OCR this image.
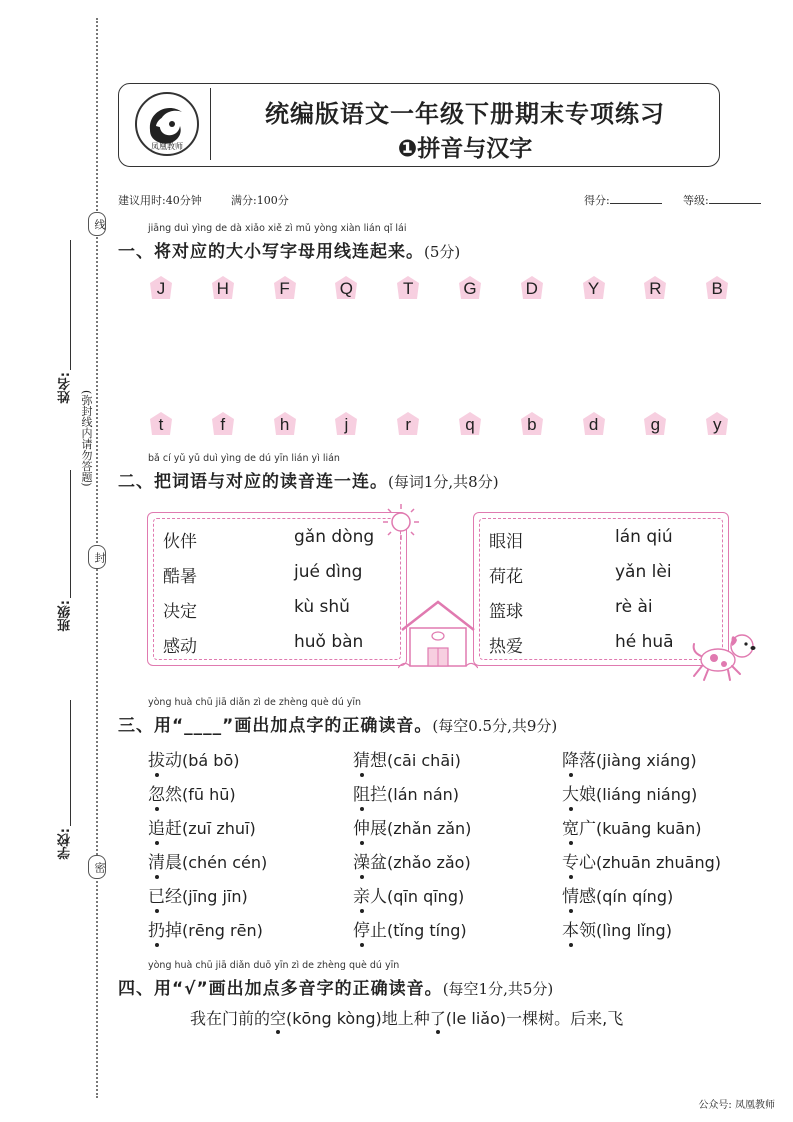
线
封
密
(弥封线内请勿答题)
姓名:
班级:
学校:
凤凰教师
统编版语文一年级下册期末专项练习
❶拼音与汉字
建议用时:40分钟	满分:100分	得分:	等级:
jiāng duì yìng de dà xiǎo xiě zì mǔ yòng xiàn lián qǐ lái
一、将对应的大小写字母用线连起来。(5分)
J	H	F	Q	T	G	D	Y	R	B
t	f	h	j	r	q	b	d	g	y
bǎ cí yǔ yǔ duì yìng de dú yīn lián yì lián
二、把词语与对应的读音连一连。(每词1分,共8分)
伙伴
酷暑
决定
感动
gǎn dòng
jué dìng
kù shǔ
huǒ bàn
眼泪
荷花
篮球
热爱
lán qiú
yǎn lèi
rè ài
hé huā
yòng huà chū jiā diǎn zì de zhèng què dú yīn
三、用“____”画出加点字的正确读音。(每空0.5分,共9分)
拔动(bá bō)	猜想(cāi chāi)	降落(jiàng xiáng)
忽然(fū hū)	阻拦(lán nán)	大娘(liáng niáng)
追赶(zuī zhuī)	伸展(zhǎn zǎn)	宽广(kuāng kuān)
清晨(chén cén)	澡盆(zhǎo zǎo)	专心(zhuān zhuāng)
已经(jīng jīn)	亲人(qīn qīng)	情感(qín qíng)
扔掉(rēng rēn)	停止(tǐng tíng)	本领(lìng lǐng)
yòng huà chū jiā diǎn duō yīn zì de zhèng què dú yīn
四、用“√”画出加点多音字的正确读音。(每空1分,共5分)
我在门前的空(kōng kòng)地上种了(le liǎo)一棵树。后来,飞
公众号: 凤凰教师
